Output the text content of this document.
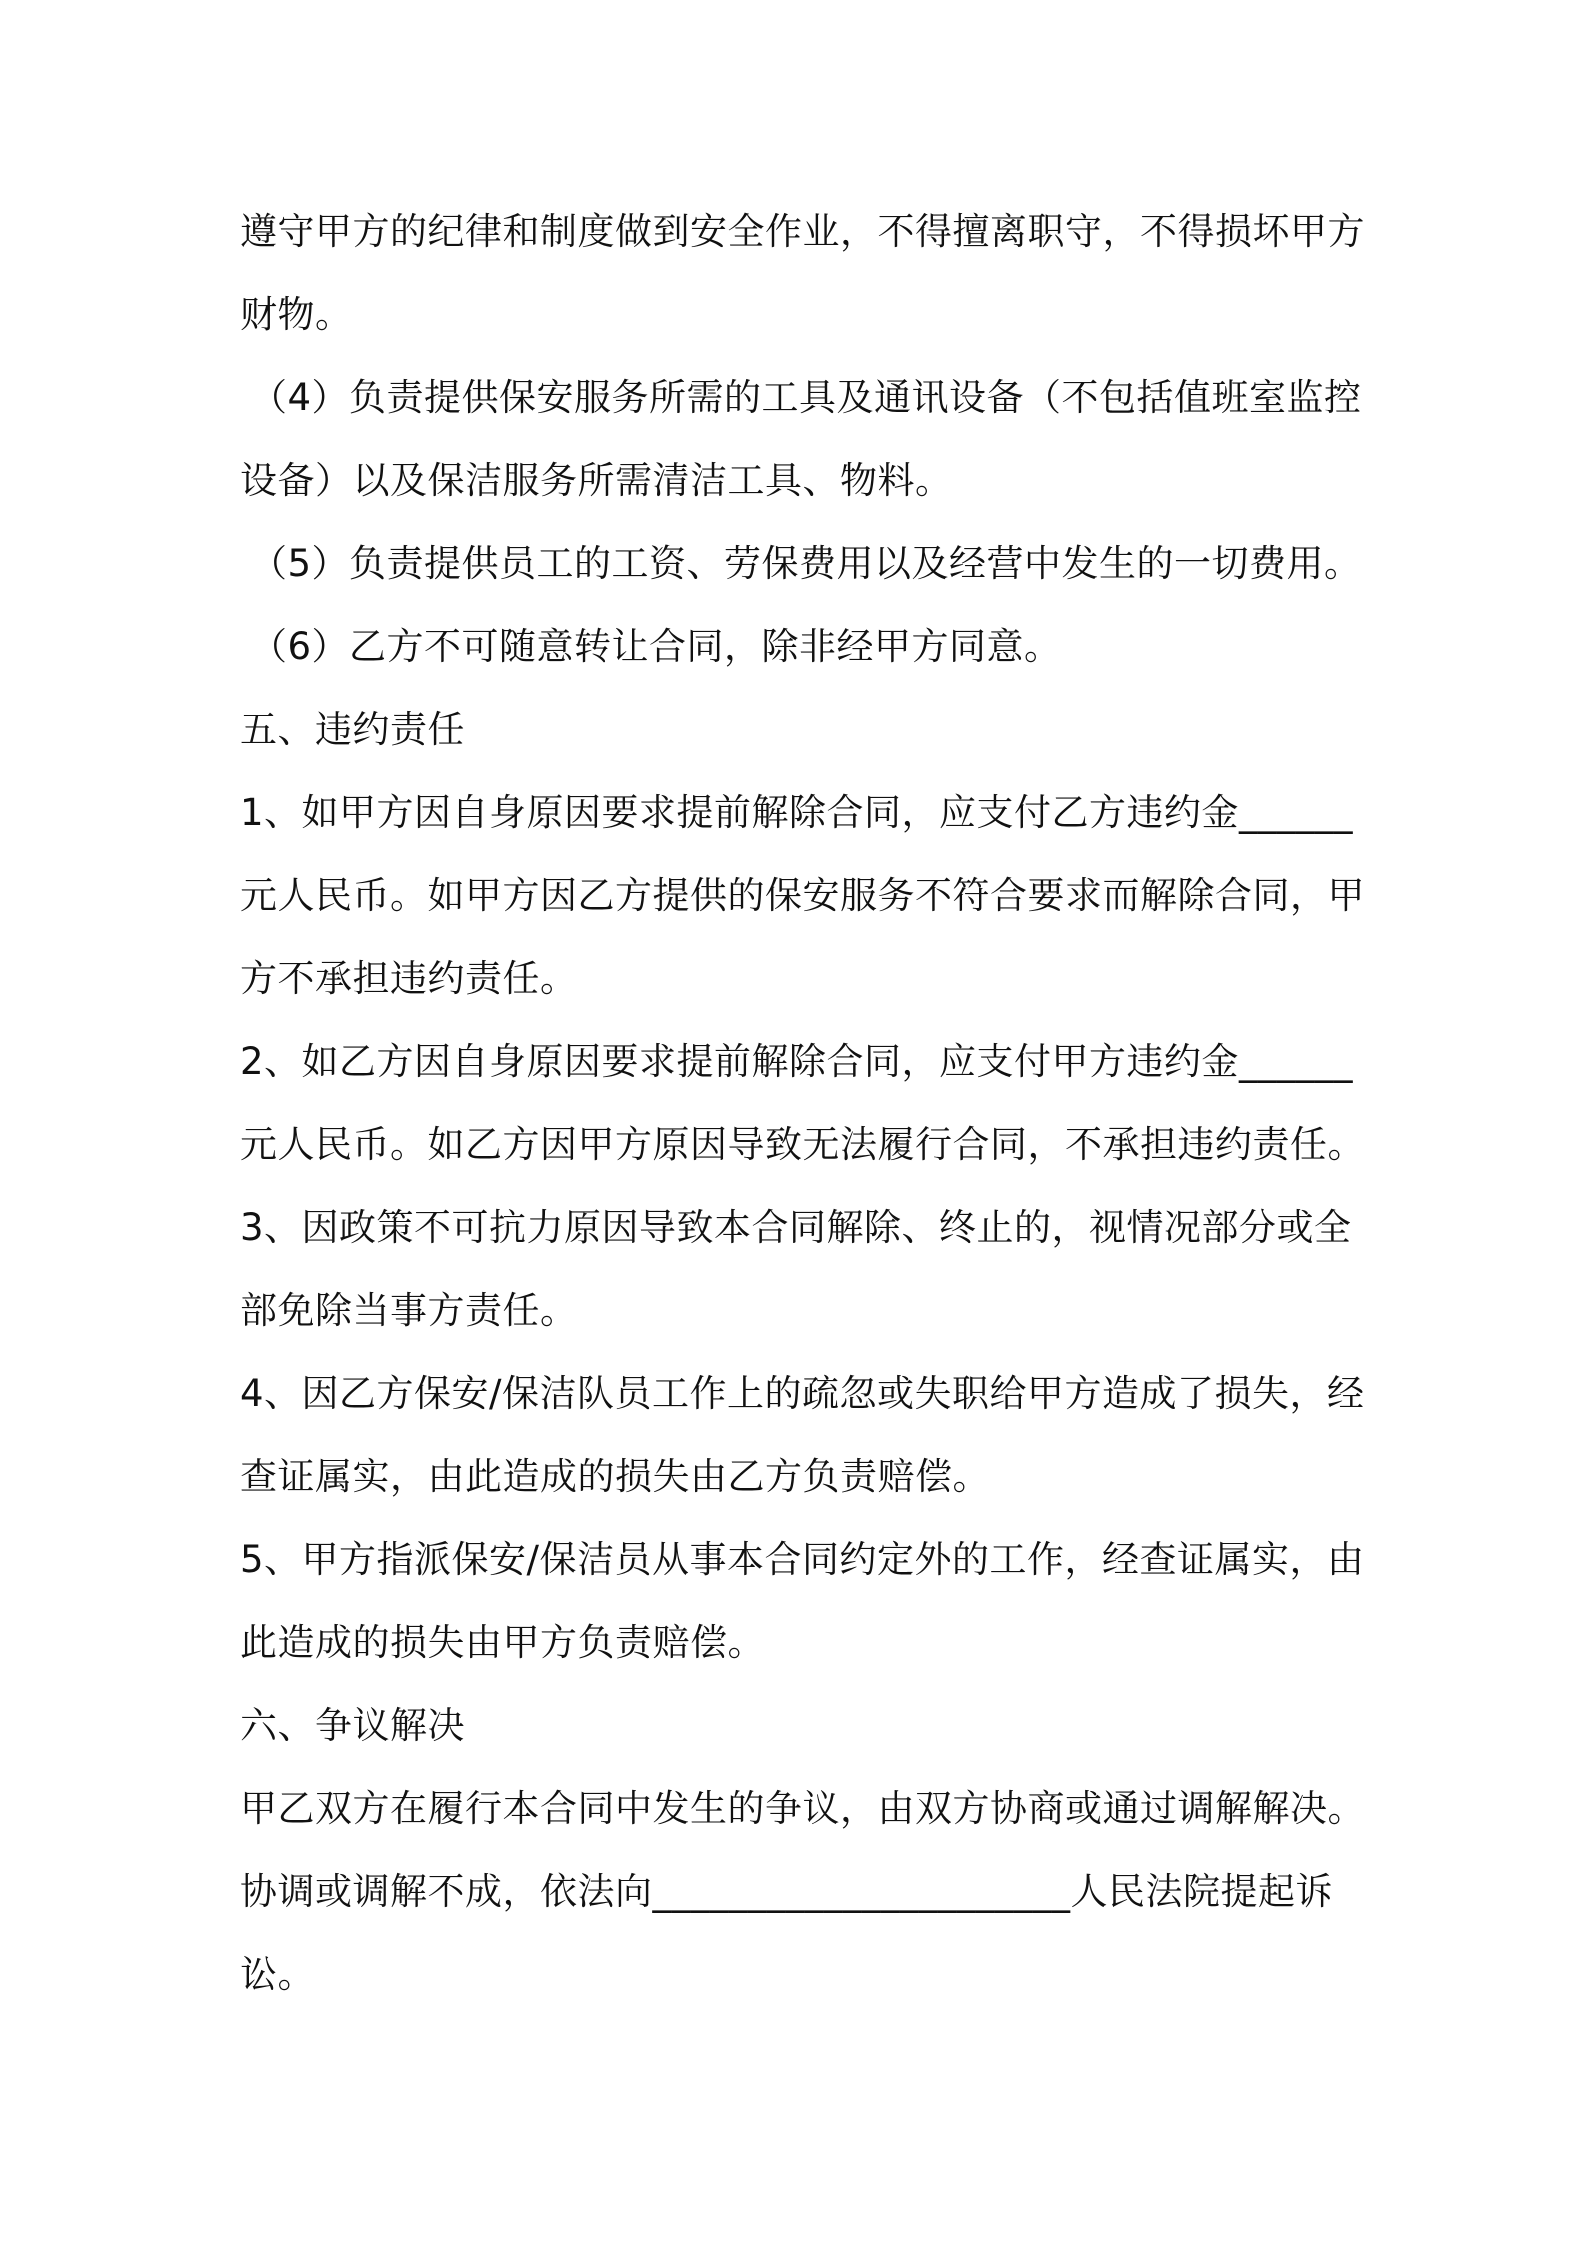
遵守甲方的纪律和制度做到安全作业，不得擅离职守，不得损坏甲方
财物。
（4）负责提供保安服务所需的工具及通讯设备（不包括值班室监控
设备）以及保洁服务所需清洁工具、物料。
（5）负责提供员工的工资、劳保费用以及经营中发生的一切费用。
（6）乙方不可随意转让合同，除非经甲方同意。
五、违约责任
1、如甲方因自身原因要求提前解除合同，应支付乙方违约金______
元人民币。如甲方因乙方提供的保安服务不符合要求而解除合同，甲
方不承担违约责任。
2、如乙方因自身原因要求提前解除合同，应支付甲方违约金______
元人民币。如乙方因甲方原因导致无法履行合同，不承担违约责任。
3、因政策不可抗力原因导致本合同解除、终止的，视情况部分或全
部免除当事方责任。
4、因乙方保安/保洁队员工作上的疏忽或失职给甲方造成了损失，经
查证属实，由此造成的损失由乙方负责赔偿。
5、甲方指派保安/保洁员从事本合同约定外的工作，经查证属实，由
此造成的损失由甲方负责赔偿。
六、争议解决
甲乙双方在履行本合同中发生的争议，由双方协商或通过调解解决。
协调或调解不成，依法向______________________人民法院提起诉
讼。
